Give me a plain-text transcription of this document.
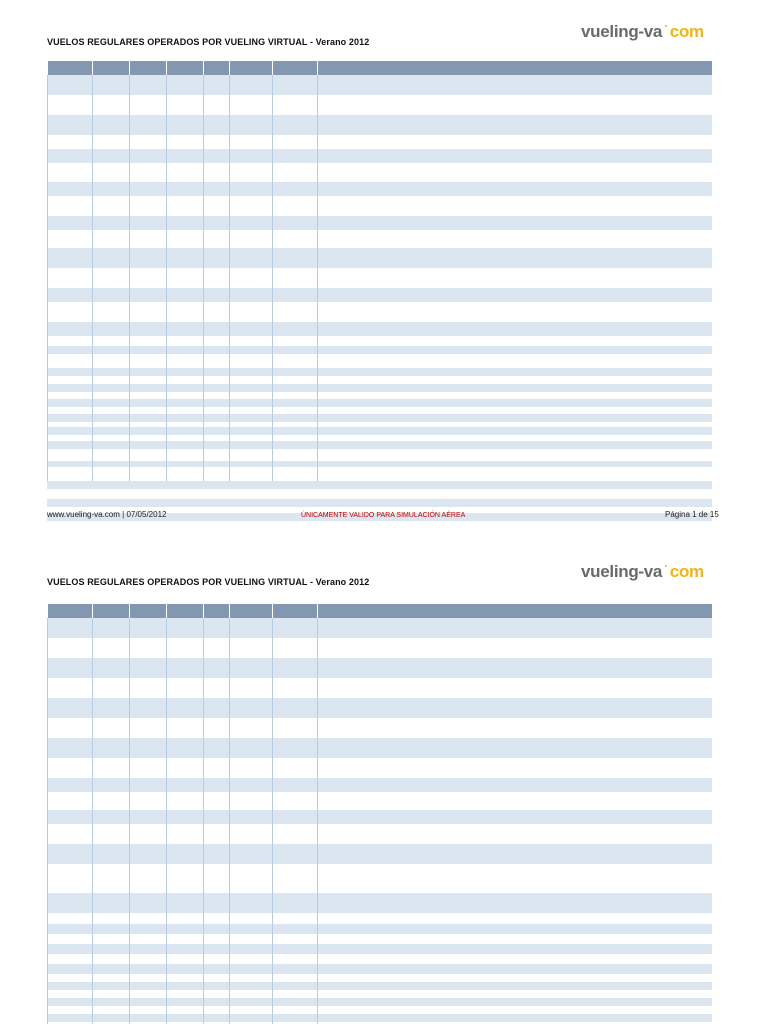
VUELOS REGULARES OPERADOS POR VUELING VIRTUAL - Verano 2012
vueling-va · com
www.vueling-va.com | 07/05/2012	ÚNICAMENTE VALIDO PARA SIMULACIÓN AÉREA	Página 1 de 15
VUELOS REGULARES OPERADOS POR VUELING VIRTUAL - Verano 2012
vueling-va · com
